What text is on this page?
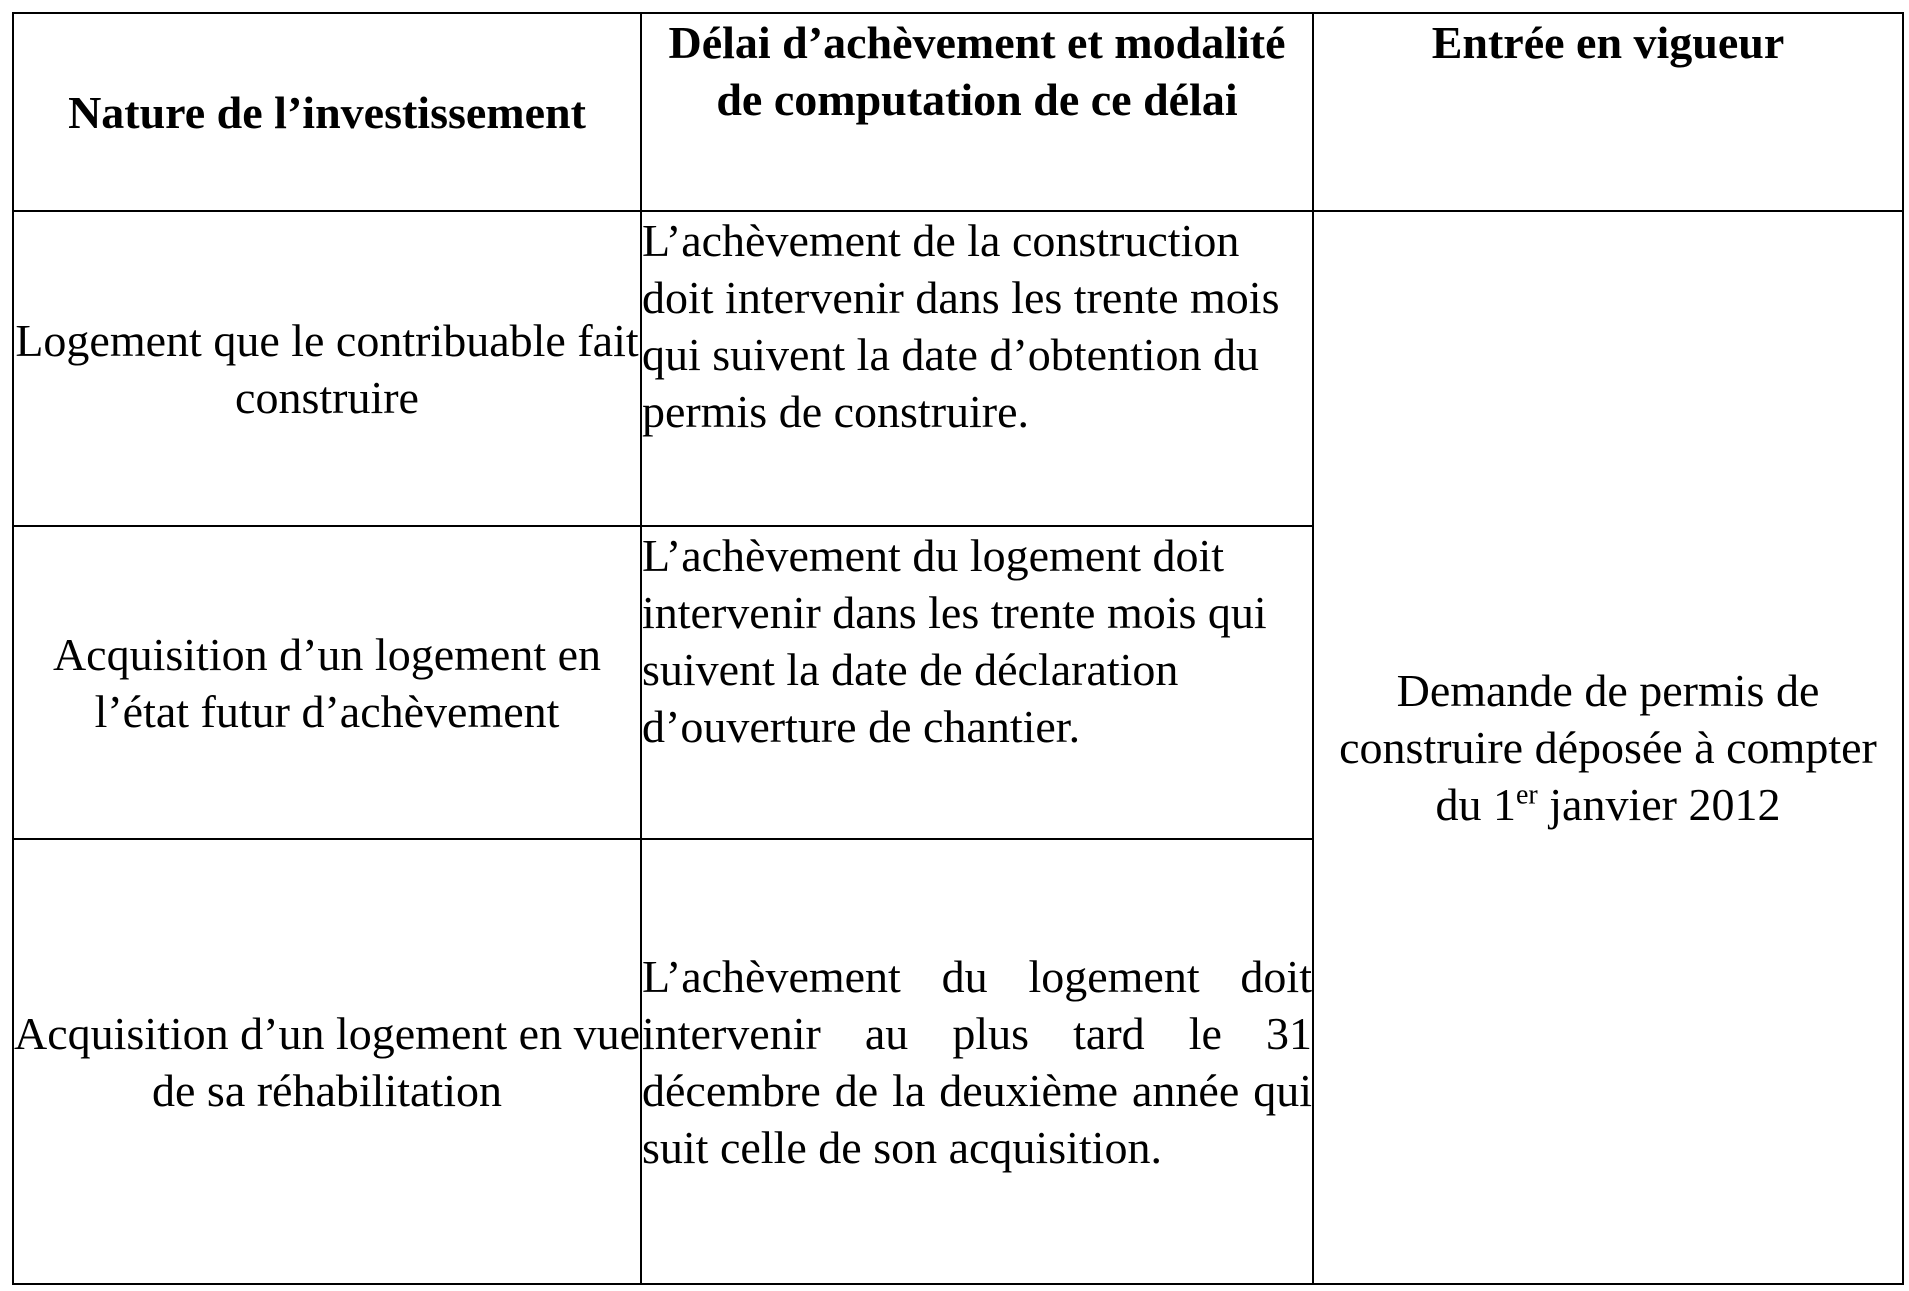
Nature de l’investissement	Délai d’achèvement et modalité de computation de ce délai	Entrée en vigueur
Logement que le contribuable fait construire	L’achèvement de la construction doit intervenir dans les trente mois qui suivent la date d’obtention du permis de construire.	Demande de permis de construire déposée à compter du 1er janvier 2012
Acquisition d’un logement en l’état futur d’achèvement	L’achèvement du logement doit intervenir dans les trente mois qui suivent la date de déclaration d’ouverture de chantier.	
Acquisition d’un logement en vue de sa réhabilitation	L’achèvement du logement doit intervenir au plus tard le 31 décembre de la deuxième année qui suit celle de son acquisition.	
